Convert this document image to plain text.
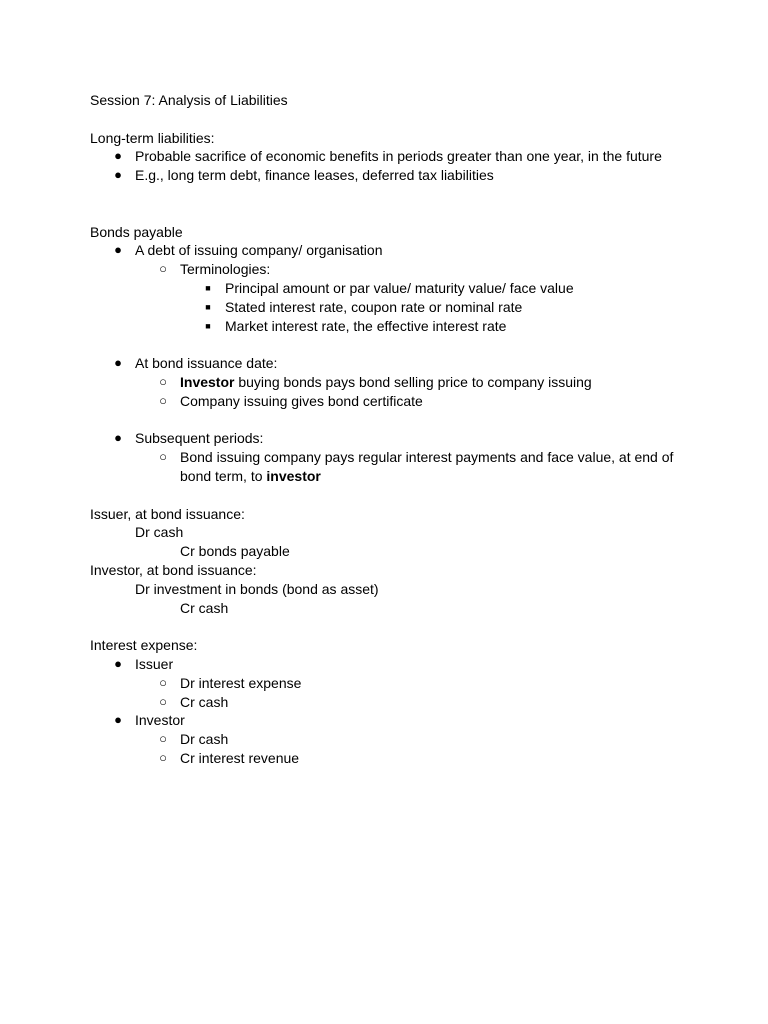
Session 7: Analysis of Liabilities
Long-term liabilities:
● Probable sacrifice of economic benefits in periods greater than one year, in the future
● E.g., long term debt, finance leases, deferred tax liabilities
Bonds payable
● A debt of issuing company/ organisation
○ Terminologies:
■	Principal amount or par value/ maturity value/ face value
■	Stated interest rate, coupon rate or nominal rate
■	Market interest rate, the effective interest rate
● At bond issuance date:
○ Investor buying bonds pays bond selling price to company issuing
○ Company issuing gives bond certificate
● Subsequent periods:
○ Bond issuing company pays regular interest payments and face value, at end of bond term, to investor
Issuer, at bond issuance:
Dr cash
Cr bonds payable
Investor, at bond issuance:
Dr investment in bonds (bond as asset)
Cr cash
Interest expense:
● Issuer
○ Dr interest expense
○ Cr cash
● Investor
○ Dr cash
○ Cr interest revenue
